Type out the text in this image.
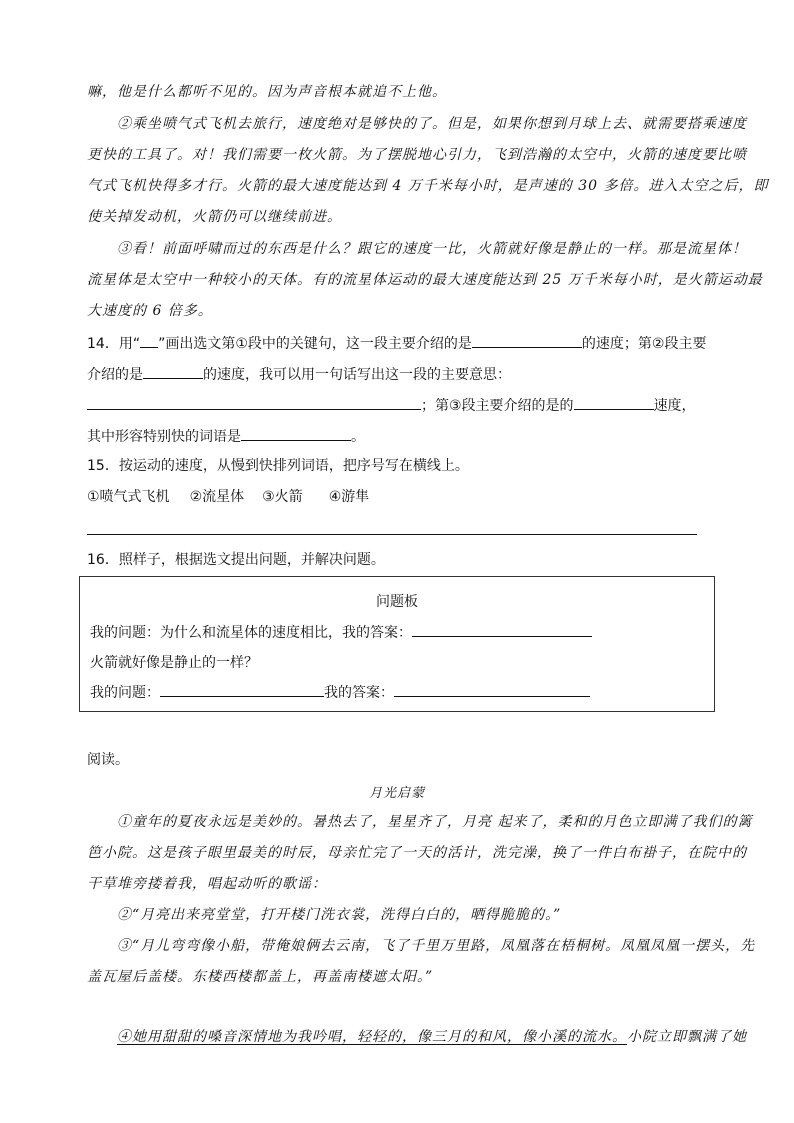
嘛，他是什么都听不见的。因为声音根本就追不上他。
②乘坐喷气式飞机去旅行，速度绝对是够快的了。但是，如果你想到月球上去、就需要搭乘速度
更快的工具了。对！我们需要一枚火箭。为了摆脱地心引力，飞到浩瀚的太空中，火箭的速度要比喷
气式飞机快得多才行。火箭的最大速度能达到 4 万千米每小时，是声速的 30 多倍。进入太空之后，即
使关掉发动机，火箭仍可以继续前进。
③看！前面呼啸而过的东西是什么？跟它的速度一比，火箭就好像是静止的一样。那是流星体！
流星体是太空中一种较小的天体。有的流星体运动的最大速度能达到 25 万千米每小时，是火箭运动最
大速度的 6 倍多。
14．用“ ”画出选文第①段中的关键句，这一段主要介绍的是	的速度；第②段主要
介绍的是	的速度，我可以用一句话写出这一段的主要意思：
；第③段主要介绍的是的	速度，
其中形容特别快的词语是	。
15．按运动的速度，从慢到快排列词语，把序号写在横线上。
①喷气式飞机 ②流星体 ③火箭 ④游隼
16．照样子，根据选文提出问题，并解决问题。
问题板
我的问题：为什么和流星体的速度相比，我的答案：
火箭就好像是静止的一样？
我的问题：	我的答案：
阅读。
月光启蒙
①童年的夏夜永远是美妙的。暑热去了，星星齐了，月亮 起来了，柔和的月色立即满了我们的篱
笆小院。这是孩子眼里最美的时辰，母亲忙完了一天的活计，洗完澡，换了一件白布褂子，在院中的
干草堆旁搂着我，唱起动听的歌谣：
②“月亮出来亮堂堂，打开楼门洗衣裳，洗得白白的，晒得脆脆的。”
③“月儿弯弯像小船，带俺娘俩去云南，飞了千里万里路，凤凰落在梧桐树。凤凰凤凰一摆头，先
盖瓦屋后盖楼。东楼西楼都盖上，再盖南楼遮太阳。”
④她用甜甜的嗓音深情地为我吟唱，轻轻的，像三月的和风，像小溪的流水。小院立即飘满了她
